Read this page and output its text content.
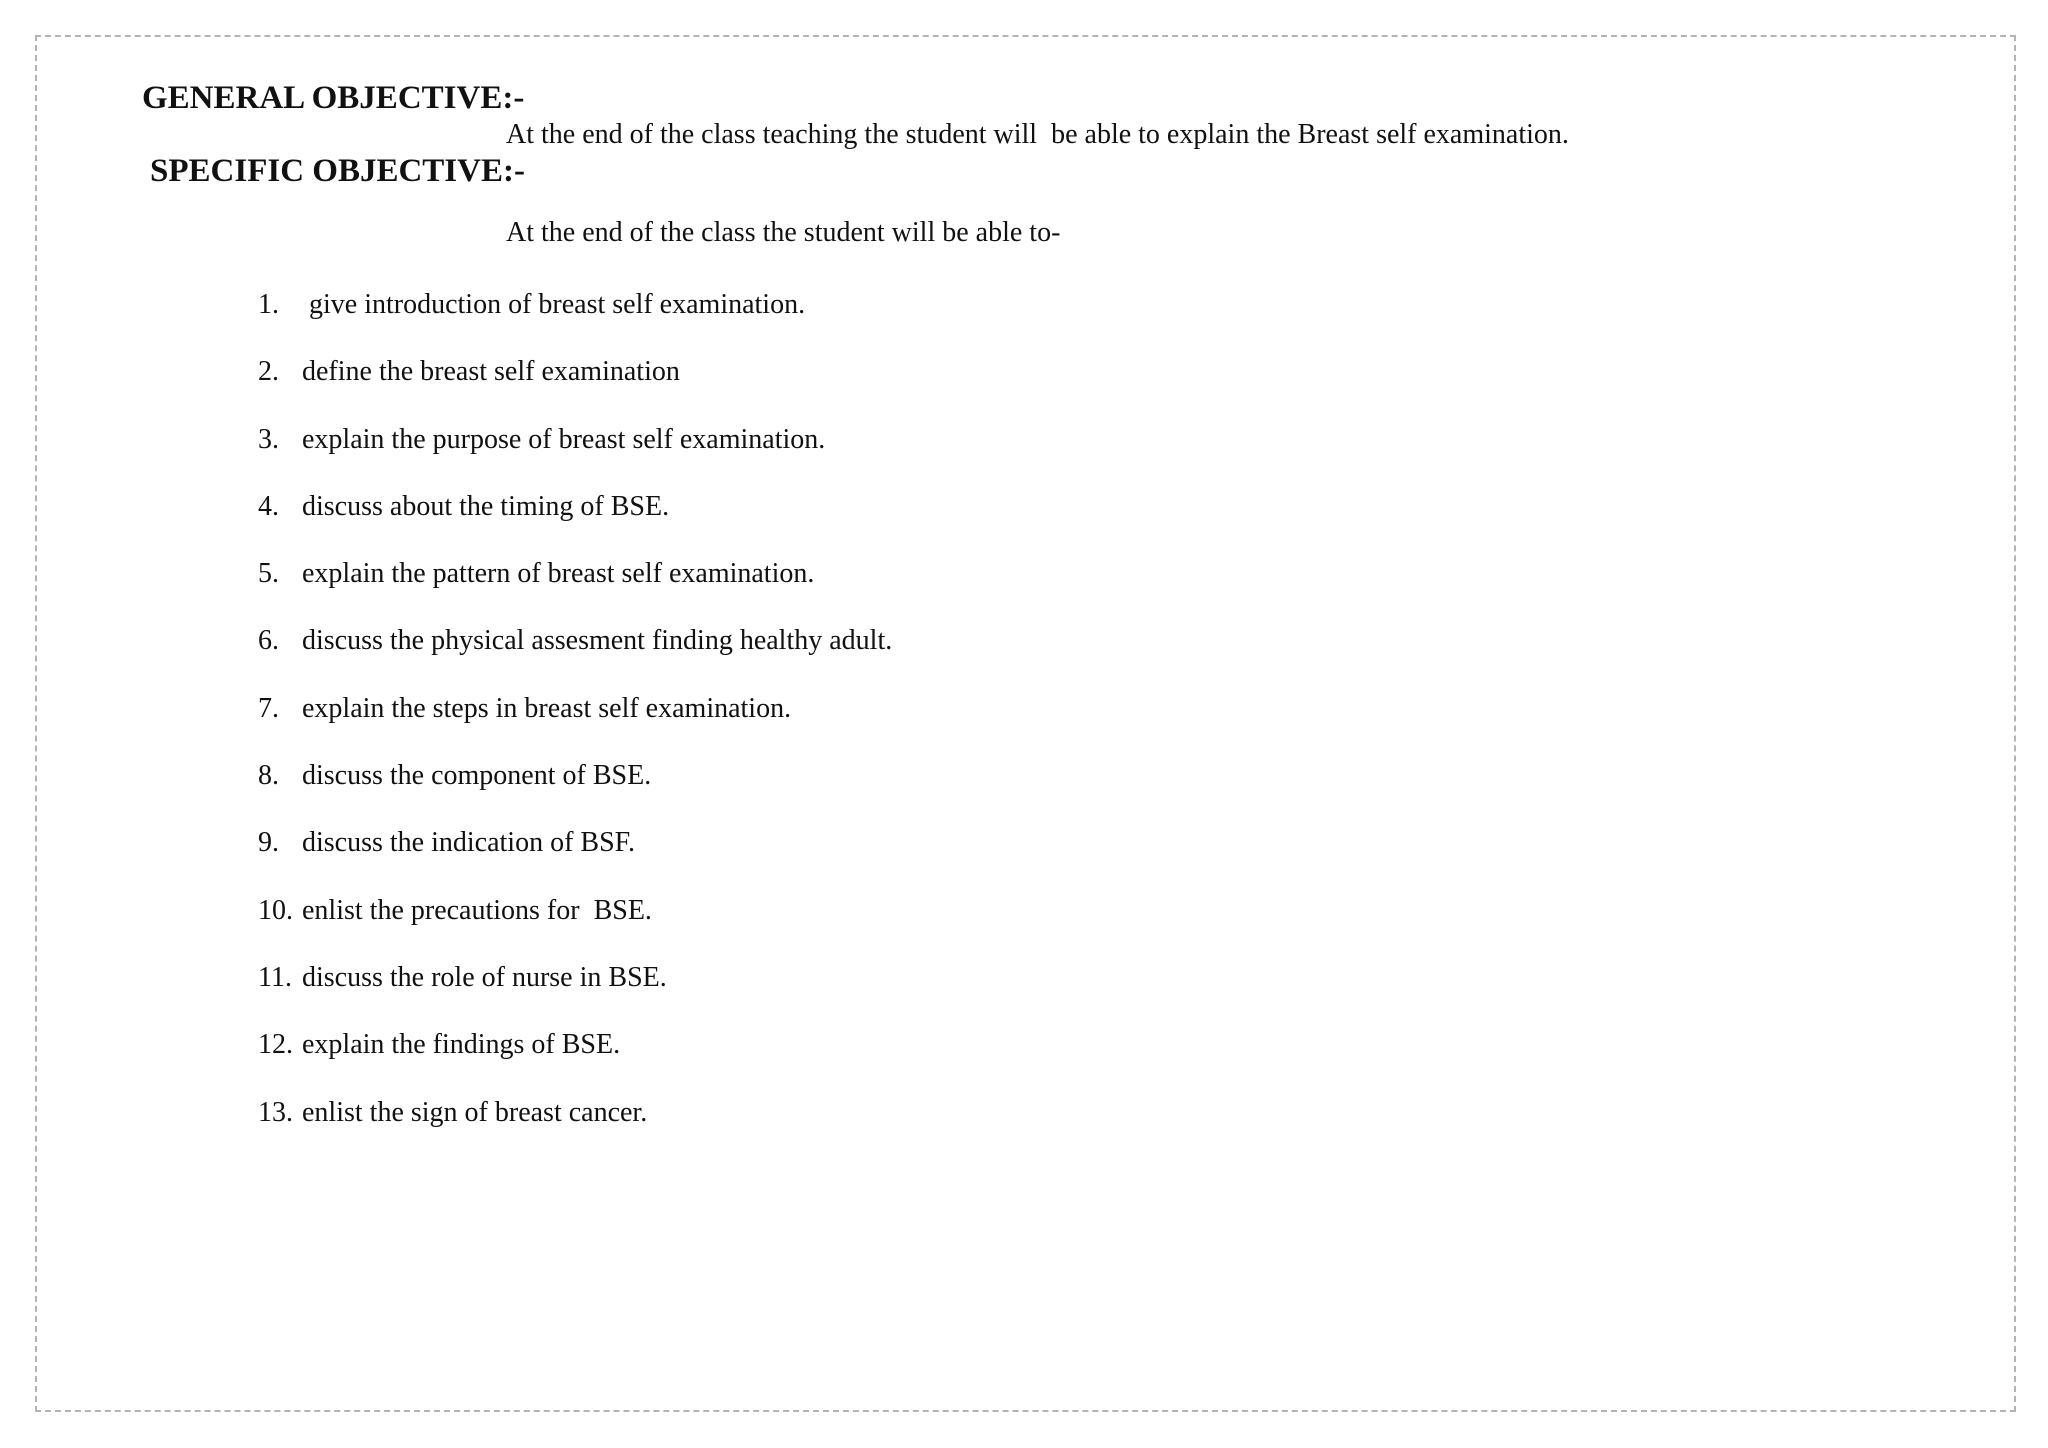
GENERAL OBJECTIVE:-
At the end of the class teaching the student will  be able to explain the Breast self examination.
SPECIFIC OBJECTIVE:-
At the end of the class the student will be able to-
1. give introduction of breast self examination.
2. define the breast self examination
3. explain the purpose of breast self examination.
4. discuss about the timing of BSE.
5. explain the pattern of breast self examination.
6. discuss the physical assesment finding healthy adult.
7. explain the steps in breast self examination.
8. discuss the component of BSE.
9. discuss the indication of BSF.
10. enlist the precautions for  BSE.
11. discuss the role of nurse in BSE.
12. explain the findings of BSE.
13. enlist the sign of breast cancer.
